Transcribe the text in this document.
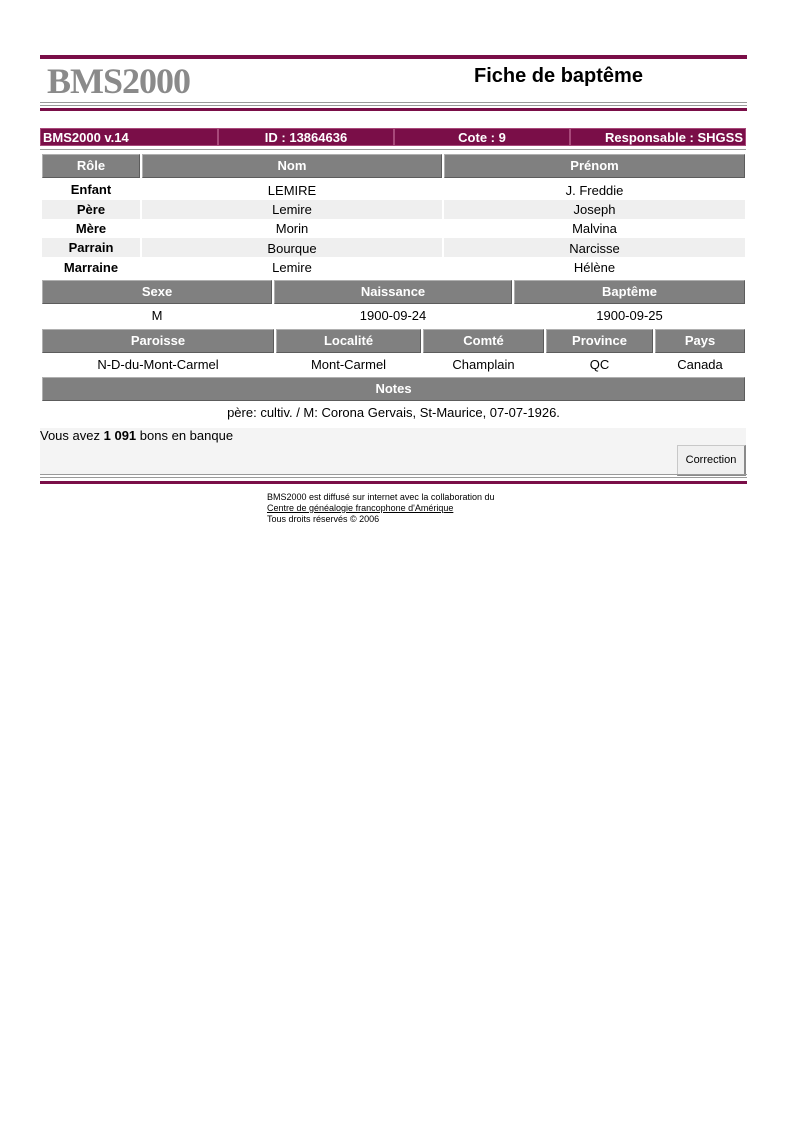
BMS2000	Fiche de baptême
BMS2000 v.14	ID : 13864636	Cote : 9	Responsable : SHGSS
Rôle	Nom	Prénom
Enfant	LEMIRE	J. Freddie
Père	Lemire	Joseph
Mère	Morin	Malvina
Parrain	Bourque	Narcisse
Marraine	Lemire	Hélène
Sexe	Naissance	Baptême
M	1900-09-24	1900-09-25
Paroisse	Localité	Comté	Province	Pays
N-D-du-Mont-Carmel	Mont-Carmel	Champlain	QC	Canada
Notes
père: cultiv. / M: Corona Gervais, St-Maurice, 07-07-1926.
Vous avez 1 091 bons en banque
Correction
BMS2000 est diffusé sur internet avec la collaboration du
Centre de généalogie francophone d'Amérique
Tous droits réservés © 2006
